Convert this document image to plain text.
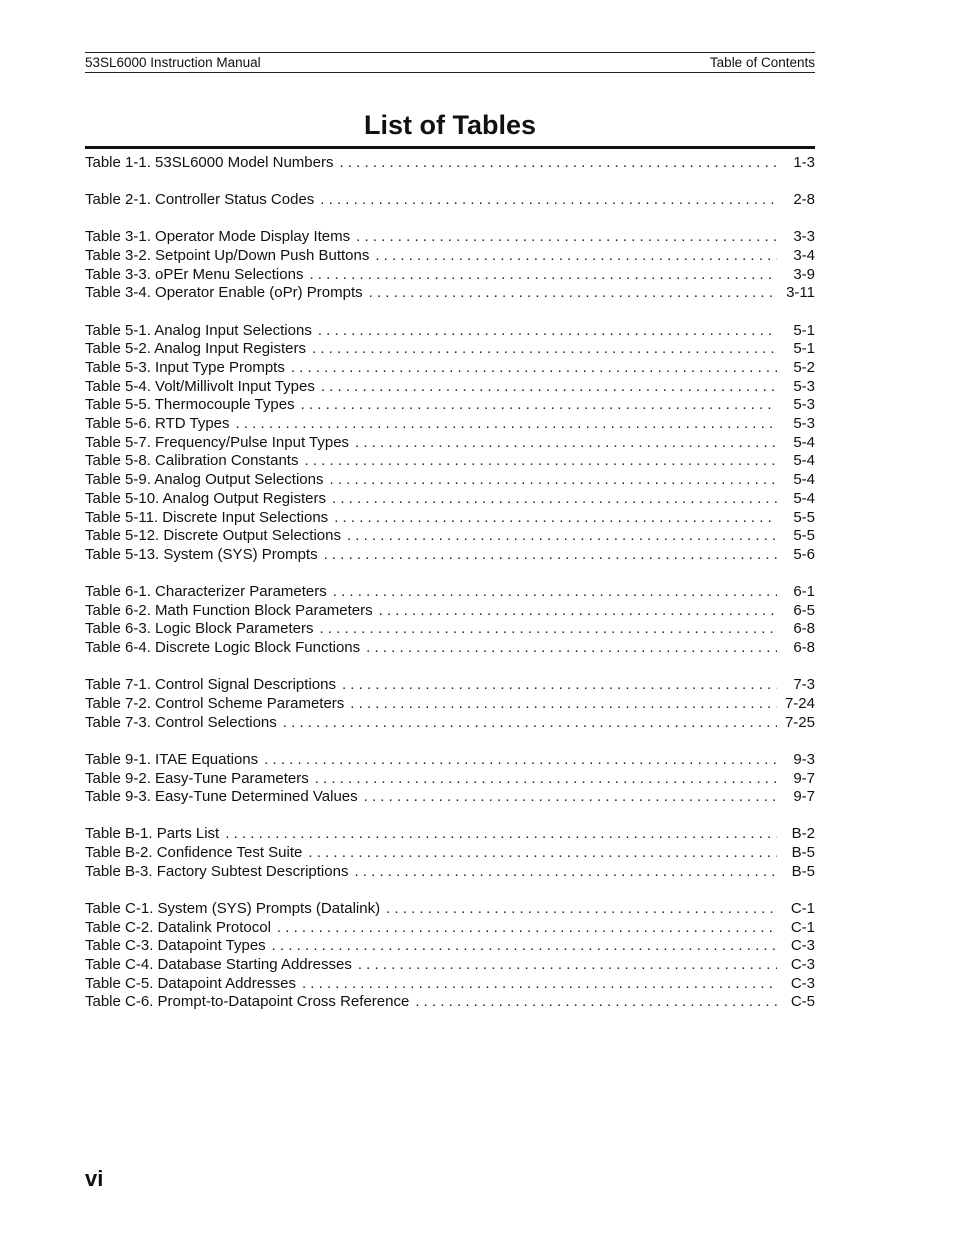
53SL6000 Instruction Manual	Table of Contents
List of Tables
Table 1-1. 53SL6000 Model Numbers . . .	1-3
Table 2-1. Controller Status Codes . . .	2-8
Table 3-1. Operator Mode Display Items . . .	3-3
Table 3-2. Setpoint Up/Down Push Buttons . . .	3-4
Table 3-3. oPEr Menu Selections . . .	3-9
Table 3-4. Operator Enable (oPr) Prompts . . .	3-11
Table 5-1. Analog Input Selections . . .	5-1
Table 5-2. Analog Input Registers . . .	5-1
Table 5-3. Input Type Prompts . . .	5-2
Table 5-4. Volt/Millivolt Input Types . . .	5-3
Table 5-5. Thermocouple Types . . .	5-3
Table 5-6. RTD Types . . .	5-3
Table 5-7. Frequency/Pulse Input Types . . .	5-4
Table 5-8. Calibration Constants . . .	5-4
Table 5-9. Analog Output Selections . . .	5-4
Table 5-10. Analog Output Registers . . .	5-4
Table 5-11. Discrete Input Selections . . .	5-5
Table 5-12. Discrete Output Selections . . .	5-5
Table 5-13. System (SYS) Prompts . . .	5-6
Table 6-1. Characterizer Parameters . . .	6-1
Table 6-2. Math Function Block Parameters . . .	6-5
Table 6-3. Logic Block Parameters . . .	6-8
Table 6-4. Discrete Logic Block Functions . . .	6-8
Table 7-1. Control Signal Descriptions . . .	7-3
Table 7-2. Control Scheme Parameters . . .	7-24
Table 7-3. Control Selections . . .	7-25
Table 9-1. ITAE Equations . . .	9-3
Table 9-2. Easy-Tune Parameters . . .	9-7
Table 9-3. Easy-Tune Determined Values . . .	9-7
Table B-1. Parts List . . .	B-2
Table B-2. Confidence Test Suite . . .	B-5
Table B-3. Factory Subtest Descriptions . . .	B-5
Table C-1. System (SYS) Prompts (Datalink) . . .	C-1
Table C-2. Datalink Protocol . . .	C-1
Table C-3. Datapoint Types . . .	C-3
Table C-4. Database Starting Addresses . . .	C-3
Table C-5. Datapoint Addresses . . .	C-3
Table C-6. Prompt-to-Datapoint Cross Reference . . .	C-5
vi
